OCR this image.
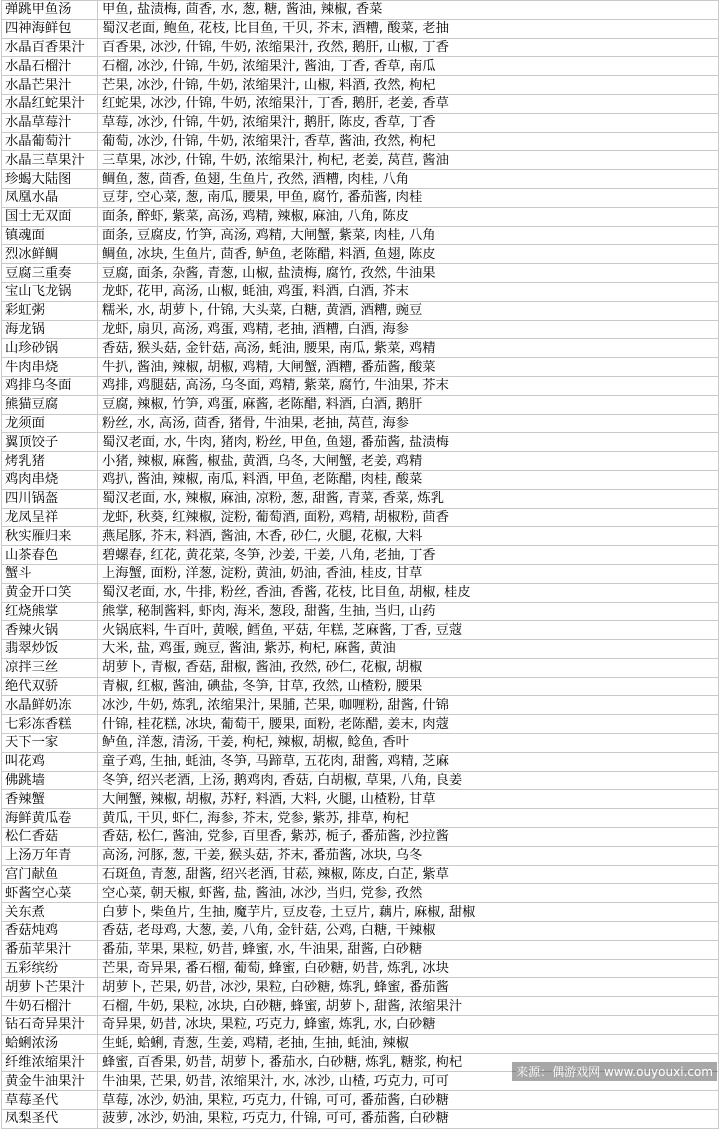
弹跳甲鱼汤	甲鱼, 盐渍梅, 茴香, 水, 葱, 糖, 酱油, 辣椒, 香菜
四神海鲜包	蜀汉老面, 鲍鱼, 花枝, 比目鱼, 干贝, 芥末, 酒糟, 酸菜, 老抽
水晶百香果汁	百香果, 冰沙, 什锦, 牛奶, 浓缩果汁, 孜然, 鹅肝, 山椒, 丁香
水晶石榴汁	石榴, 冰沙, 什锦, 牛奶, 浓缩果汁, 酱油, 丁香, 香草, 南瓜
水晶芒果汁	芒果, 冰沙, 什锦, 牛奶, 浓缩果汁, 山椒, 料酒, 孜然, 枸杞
水晶红蛇果汁	红蛇果, 冰沙, 什锦, 牛奶, 浓缩果汁, 丁香, 鹅肝, 老姜, 香草
水晶草莓汁	草莓, 冰沙, 什锦, 牛奶, 浓缩果汁, 鹅肝, 陈皮, 香草, 丁香
水晶葡萄汁	葡萄, 冰沙, 什锦, 牛奶, 浓缩果汁, 香草, 酱油, 孜然, 枸杞
水晶三草果汁	三草果, 冰沙, 什锦, 牛奶, 浓缩果汁, 枸杞, 老姜, 莴苣, 酱油
珍蝎大陆图	鲷鱼, 葱, 茴香, 鱼翅, 生鱼片, 孜然, 酒糟, 肉桂, 八角
凤凰水晶	豆芽, 空心菜, 葱, 南瓜, 腰果, 甲鱼, 腐竹, 番茄酱, 肉桂
国士无双面	面条, 醉虾, 紫菜, 高汤, 鸡精, 辣椒, 麻油, 八角, 陈皮
镇魂面	面条, 豆腐皮, 竹笋, 高汤, 鸡精, 大闸蟹, 紫菜, 肉桂, 八角
烈冰鲜鲷	鲷鱼, 冰块, 生鱼片, 茴香, 鲈鱼, 老陈醋, 料酒, 鱼翅, 陈皮
豆腐三重奏	豆腐, 面条, 杂酱, 青葱, 山椒, 盐渍梅, 腐竹, 孜然, 牛油果
宝山飞龙锅	龙虾, 花甲, 高汤, 山椒, 蚝油, 鸡蛋, 料酒, 白酒, 芥末
彩虹粥	糯米, 水, 胡萝卜, 什锦, 大头菜, 白糖, 黄酒, 酒糟, 豌豆
海龙锅	龙虾, 扇贝, 高汤, 鸡蛋, 鸡精, 老抽, 酒糟, 白酒, 海参
山珍砂锅	香菇, 猴头菇, 金针菇, 高汤, 蚝油, 腰果, 南瓜, 紫菜, 鸡精
牛肉串烧	牛扒, 酱油, 辣椒, 胡椒, 鸡精, 大闸蟹, 酒糟, 番茄酱, 酸菜
鸡排乌冬面	鸡排, 鸡腿菇, 高汤, 乌冬面, 鸡精, 紫菜, 腐竹, 牛油果, 芥末
熊猫豆腐	豆腐, 辣椒, 竹笋, 鸡蛋, 麻酱, 老陈醋, 料酒, 白酒, 鹅肝
龙须面	粉丝, 水, 高汤, 茴香, 猪骨, 牛油果, 老抽, 莴苣, 海参
翼顶饺子	蜀汉老面, 水, 牛肉, 猪肉, 粉丝, 甲鱼, 鱼翅, 番茄酱, 盐渍梅
烤乳猪	小猪, 辣椒, 麻酱, 椒盐, 黄酒, 乌冬, 大闸蟹, 老姜, 鸡精
鸡肉串烧	鸡扒, 酱油, 辣椒, 南瓜, 料酒, 甲鱼, 老陈醋, 肉桂, 酸菜
四川锅盔	蜀汉老面, 水, 辣椒, 麻油, 凉粉, 葱, 甜酱, 青菜, 香菜, 炼乳
龙凤呈祥	龙虾, 秋葵, 红辣椒, 淀粉, 葡萄酒, 面粉, 鸡精, 胡椒粉, 茴香
秋实雁归来	燕尾豚, 芥末, 料酒, 酱油, 木香, 砂仁, 火腿, 花椒, 大料
山茶春色	碧螺春, 红花, 黄花菜, 冬笋, 沙姜, 干姜, 八角, 老抽, 丁香
蟹斗	上海蟹, 面粉, 洋葱, 淀粉, 黄油, 奶油, 香油, 桂皮, 甘草
黄金开口笑	蜀汉老面, 水, 牛排, 粉丝, 香油, 香酱, 花枝, 比目鱼, 胡椒, 桂皮
红烧熊掌	熊掌, 秘制酱料, 虾肉, 海米, 葱段, 甜酱, 生抽, 当归, 山药
香辣火锅	火锅底料, 牛百叶, 黄喉, 鳕鱼, 平菇, 年糕, 芝麻酱, 丁香, 豆蔻
翡翠炒饭	大米, 盐, 鸡蛋, 豌豆, 酱油, 紫苏, 枸杞, 麻酱, 黄油
凉拌三丝	胡萝卜, 青椒, 香菇, 甜椒, 酱油, 孜然, 砂仁, 花椒, 胡椒
绝代双骄	青椒, 红椒, 酱油, 碘盐, 冬笋, 甘草, 孜然, 山楂粉, 腰果
水晶鲜奶冻	冰沙, 牛奶, 炼乳, 浓缩果汁, 果脯, 芒果, 咖喱粉, 甜酱, 什锦
七彩冻香糕	什锦, 桂花糕, 冰块, 葡萄干, 腰果, 面粉, 老陈醋, 姜末, 肉蔻
天下一家	鲈鱼, 洋葱, 清汤, 干姜, 枸杞, 辣椒, 胡椒, 鲶鱼, 香叶
叫花鸡	童子鸡, 生抽, 蚝油, 冬笋, 马蹄草, 五花肉, 甜酱, 鸡精, 芝麻
佛跳墙	冬笋, 绍兴老酒, 上汤, 鹅鸡肉, 香菇, 白胡椒, 草果, 八角, 良姜
香辣蟹	大闸蟹, 辣椒, 胡椒, 苏籽, 料酒, 大料, 火腿, 山楂粉, 甘草
海鲜黄瓜卷	黄瓜, 干贝, 虾仁, 海参, 芥末, 党参, 紫苏, 排草, 枸杞
松仁香菇	香菇, 松仁, 酱油, 党参, 百里香, 紫苏, 栀子, 番茄酱, 沙拉酱
上汤万年青	高汤, 河豚, 葱, 干姜, 猴头菇, 芥末, 番茄酱, 冰块, 乌冬
宫门献鱼	石斑鱼, 青葱, 甜酱, 绍兴老酒, 甘菘, 辣椒, 陈皮, 白芷, 紫草
虾酱空心菜	空心菜, 朝天椒, 虾酱, 盐, 酱油, 冰沙, 当归, 党参, 孜然
关东煮	白萝卜, 柴鱼片, 生抽, 魔芋片, 豆皮卷, 土豆片, 藕片, 麻椒, 甜椒
香菇炖鸡	香菇, 老母鸡, 大葱, 姜, 八角, 金针菇, 公鸡, 白糖, 干辣椒
番茄苹果汁	番茄, 苹果, 果粒, 奶昔, 蜂蜜, 水, 牛油果, 甜酱, 白砂糖
五彩缤纷	芒果, 奇异果, 番石榴, 葡萄, 蜂蜜, 白砂糖, 奶昔, 炼乳, 冰块
胡萝卜芒果汁	胡萝卜, 芒果, 奶昔, 冰沙, 果粒, 白砂糖, 炼乳, 蜂蜜, 番茄酱
牛奶石榴汁	石榴, 牛奶, 果粒, 冰块, 白砂糖, 蜂蜜, 胡萝卜, 甜酱, 浓缩果汁
钻石奇异果汁	奇异果, 奶昔, 冰块, 果粒, 巧克力, 蜂蜜, 炼乳, 水, 白砂糖
蛤蜊浓汤	生蚝, 蛤蜊, 青葱, 生姜, 鸡精, 老抽, 生抽, 蚝油, 辣椒
纤维浓缩果汁	蜂蜜, 百香果, 奶昔, 胡萝卜, 番茄水, 白砂糖, 炼乳, 糖浆, 枸杞
黄金牛油果汁	牛油果, 芒果, 奶昔, 浓缩果汁, 水, 冰沙, 山楂, 巧克力, 可可
草莓圣代	草莓, 冰沙, 奶油, 果粒, 巧克力, 什锦, 可可, 番茄酱, 白砂糖
凤梨圣代	菠萝, 冰沙, 奶油, 果粒, 巧克力, 什锦, 可可, 番茄酱, 白砂糖
来源：偶游戏网 www.ouyouxi.com
